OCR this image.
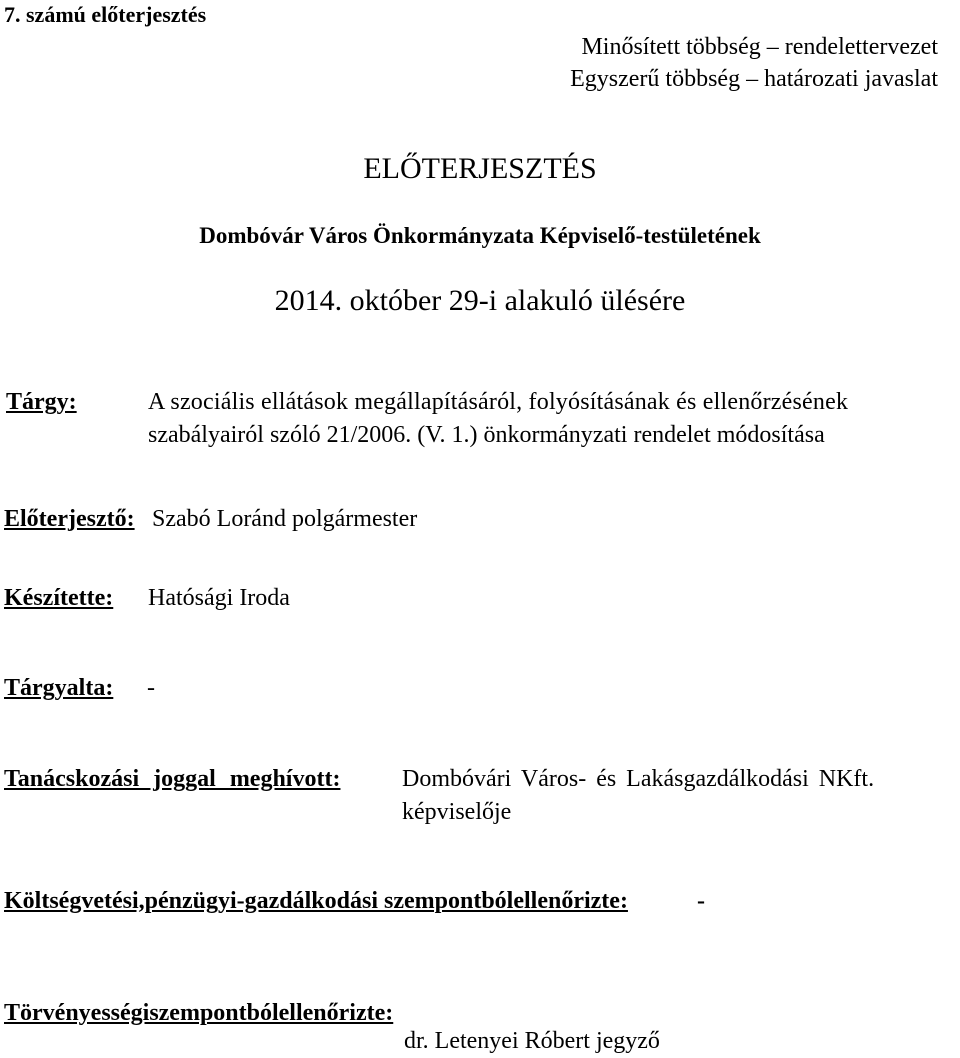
7. számú előterjesztés
Minősített többség – rendelettervezet
Egyszerű többség – határozati javaslat
ELŐTERJESZTÉS
Dombóvár Város Önkormányzata Képviselő-testületének
2014. október 29-i alakuló ülésére
Tárgy:	A szociális ellátások megállapításáról, folyósításának és ellenőrzésének
szabályairól szóló 21/2006. (V. 1.) önkormányzati rendelet módosítása
Előterjesztő: Szabó Loránd polgármester
Készítette: Hatósági Iroda
Tárgyalta: -
Tanácskozási joggal meghívott:	Dombóvári Város- és Lakásgazdálkodási NKft.
képviselője
Költségvetési,pénzügyi-gazdálkodási szempontbólellenőrizte:	-
Törvényességiszempontbólellenőrizte:
dr. Letenyei Róbert jegyző
